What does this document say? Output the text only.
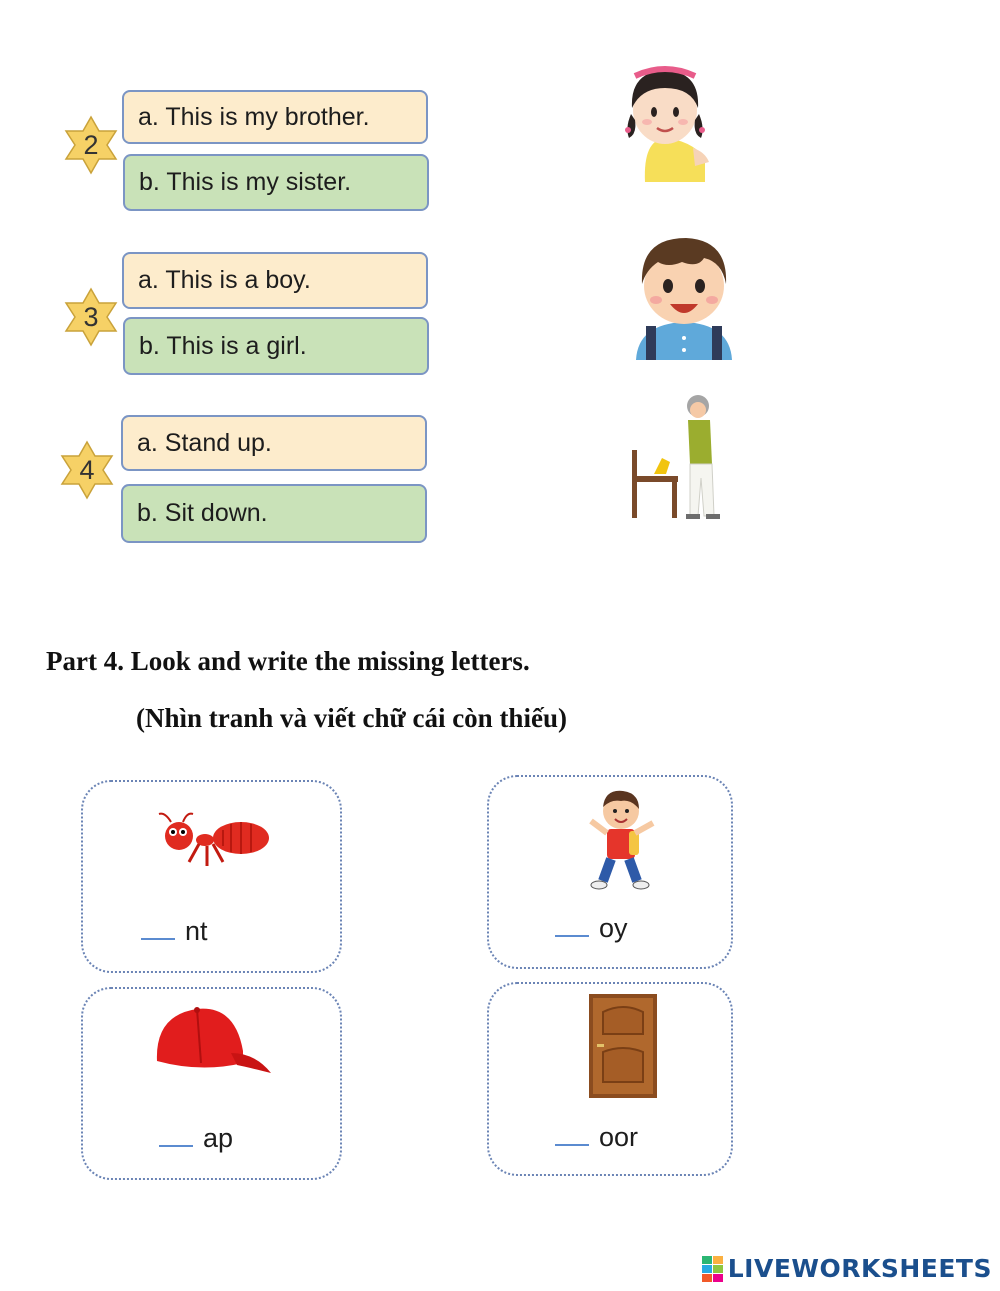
2
a. This is my brother.
b. This is my sister.
3
a. This is a boy.
b. This is a girl.
4
a. Stand up.
b. Sit down.
Part 4. Look and write the missing letters.
(Nhìn tranh và viết chữ cái còn thiếu)
nt	oy
ap	oor
LIVEWORKSHEETS
